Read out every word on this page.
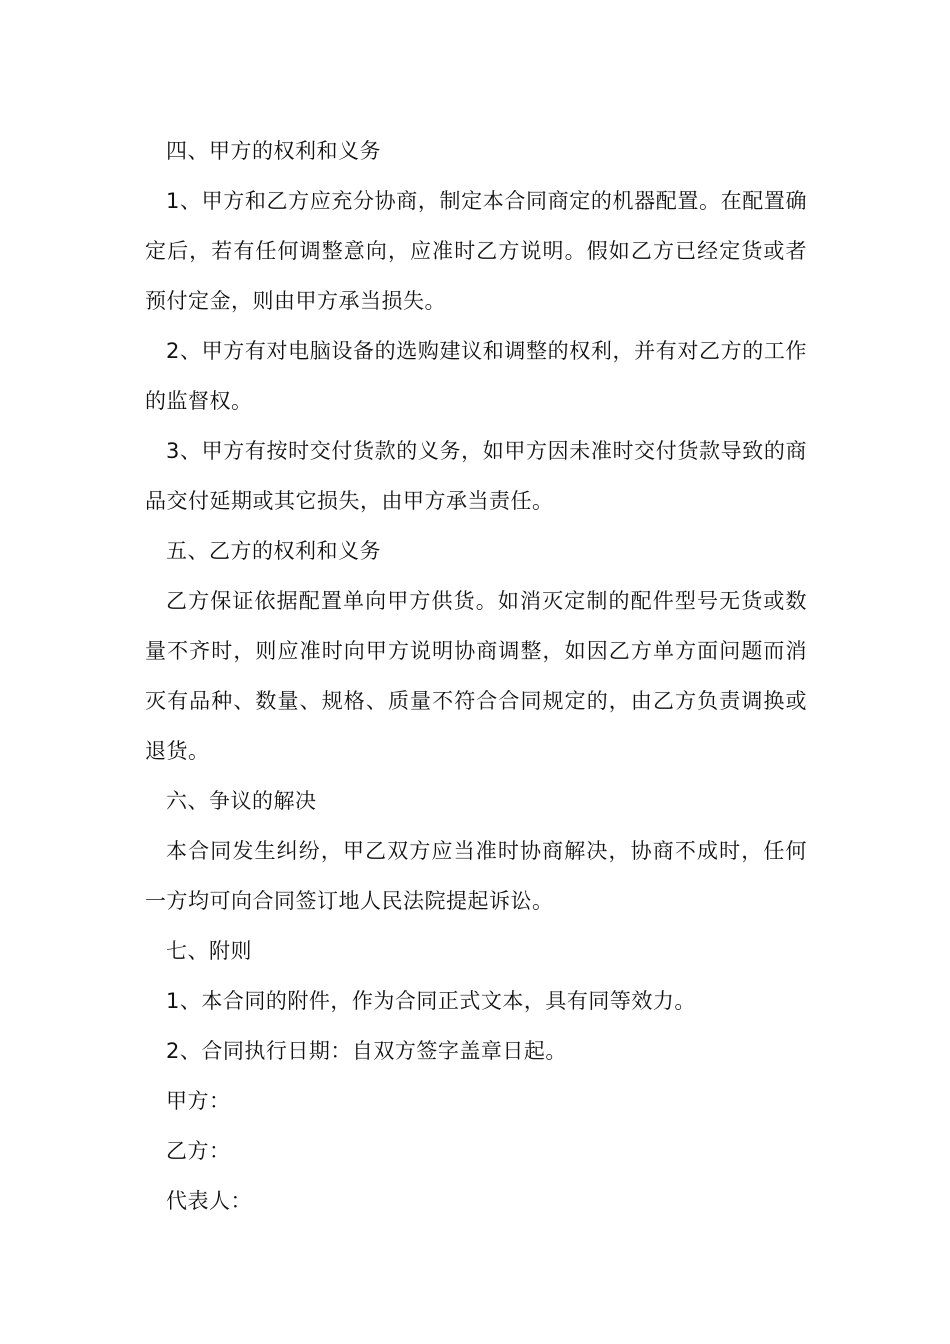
四、甲方的权利和义务

1、甲方和乙方应充分协商，制定本合同商定的机器配置。在配置确定后，若有任何调整意向，应准时乙方说明。假如乙方已经定货或者预付定金，则由甲方承当损失。

2、甲方有对电脑设备的选购建议和调整的权利，并有对乙方的工作的监督权。

3、甲方有按时交付货款的义务，如甲方因未准时交付货款导致的商品交付延期或其它损失，由甲方承当责任。

五、乙方的权利和义务

乙方保证依据配置单向甲方供货。如消灭定制的配件型号无货或数量不齐时，则应准时向甲方说明协商调整，如因乙方单方面问题而消灭有品种、数量、规格、质量不符合合同规定的，由乙方负责调换或退货。

六、争议的解决

本合同发生纠纷，甲乙双方应当准时协商解决，协商不成时，任何一方均可向合同签订地人民法院提起诉讼。

七、附则

1、本合同的附件，作为合同正式文本，具有同等效力。

2、合同执行日期：自双方签字盖章日起。

甲方：

乙方：

代表人：
